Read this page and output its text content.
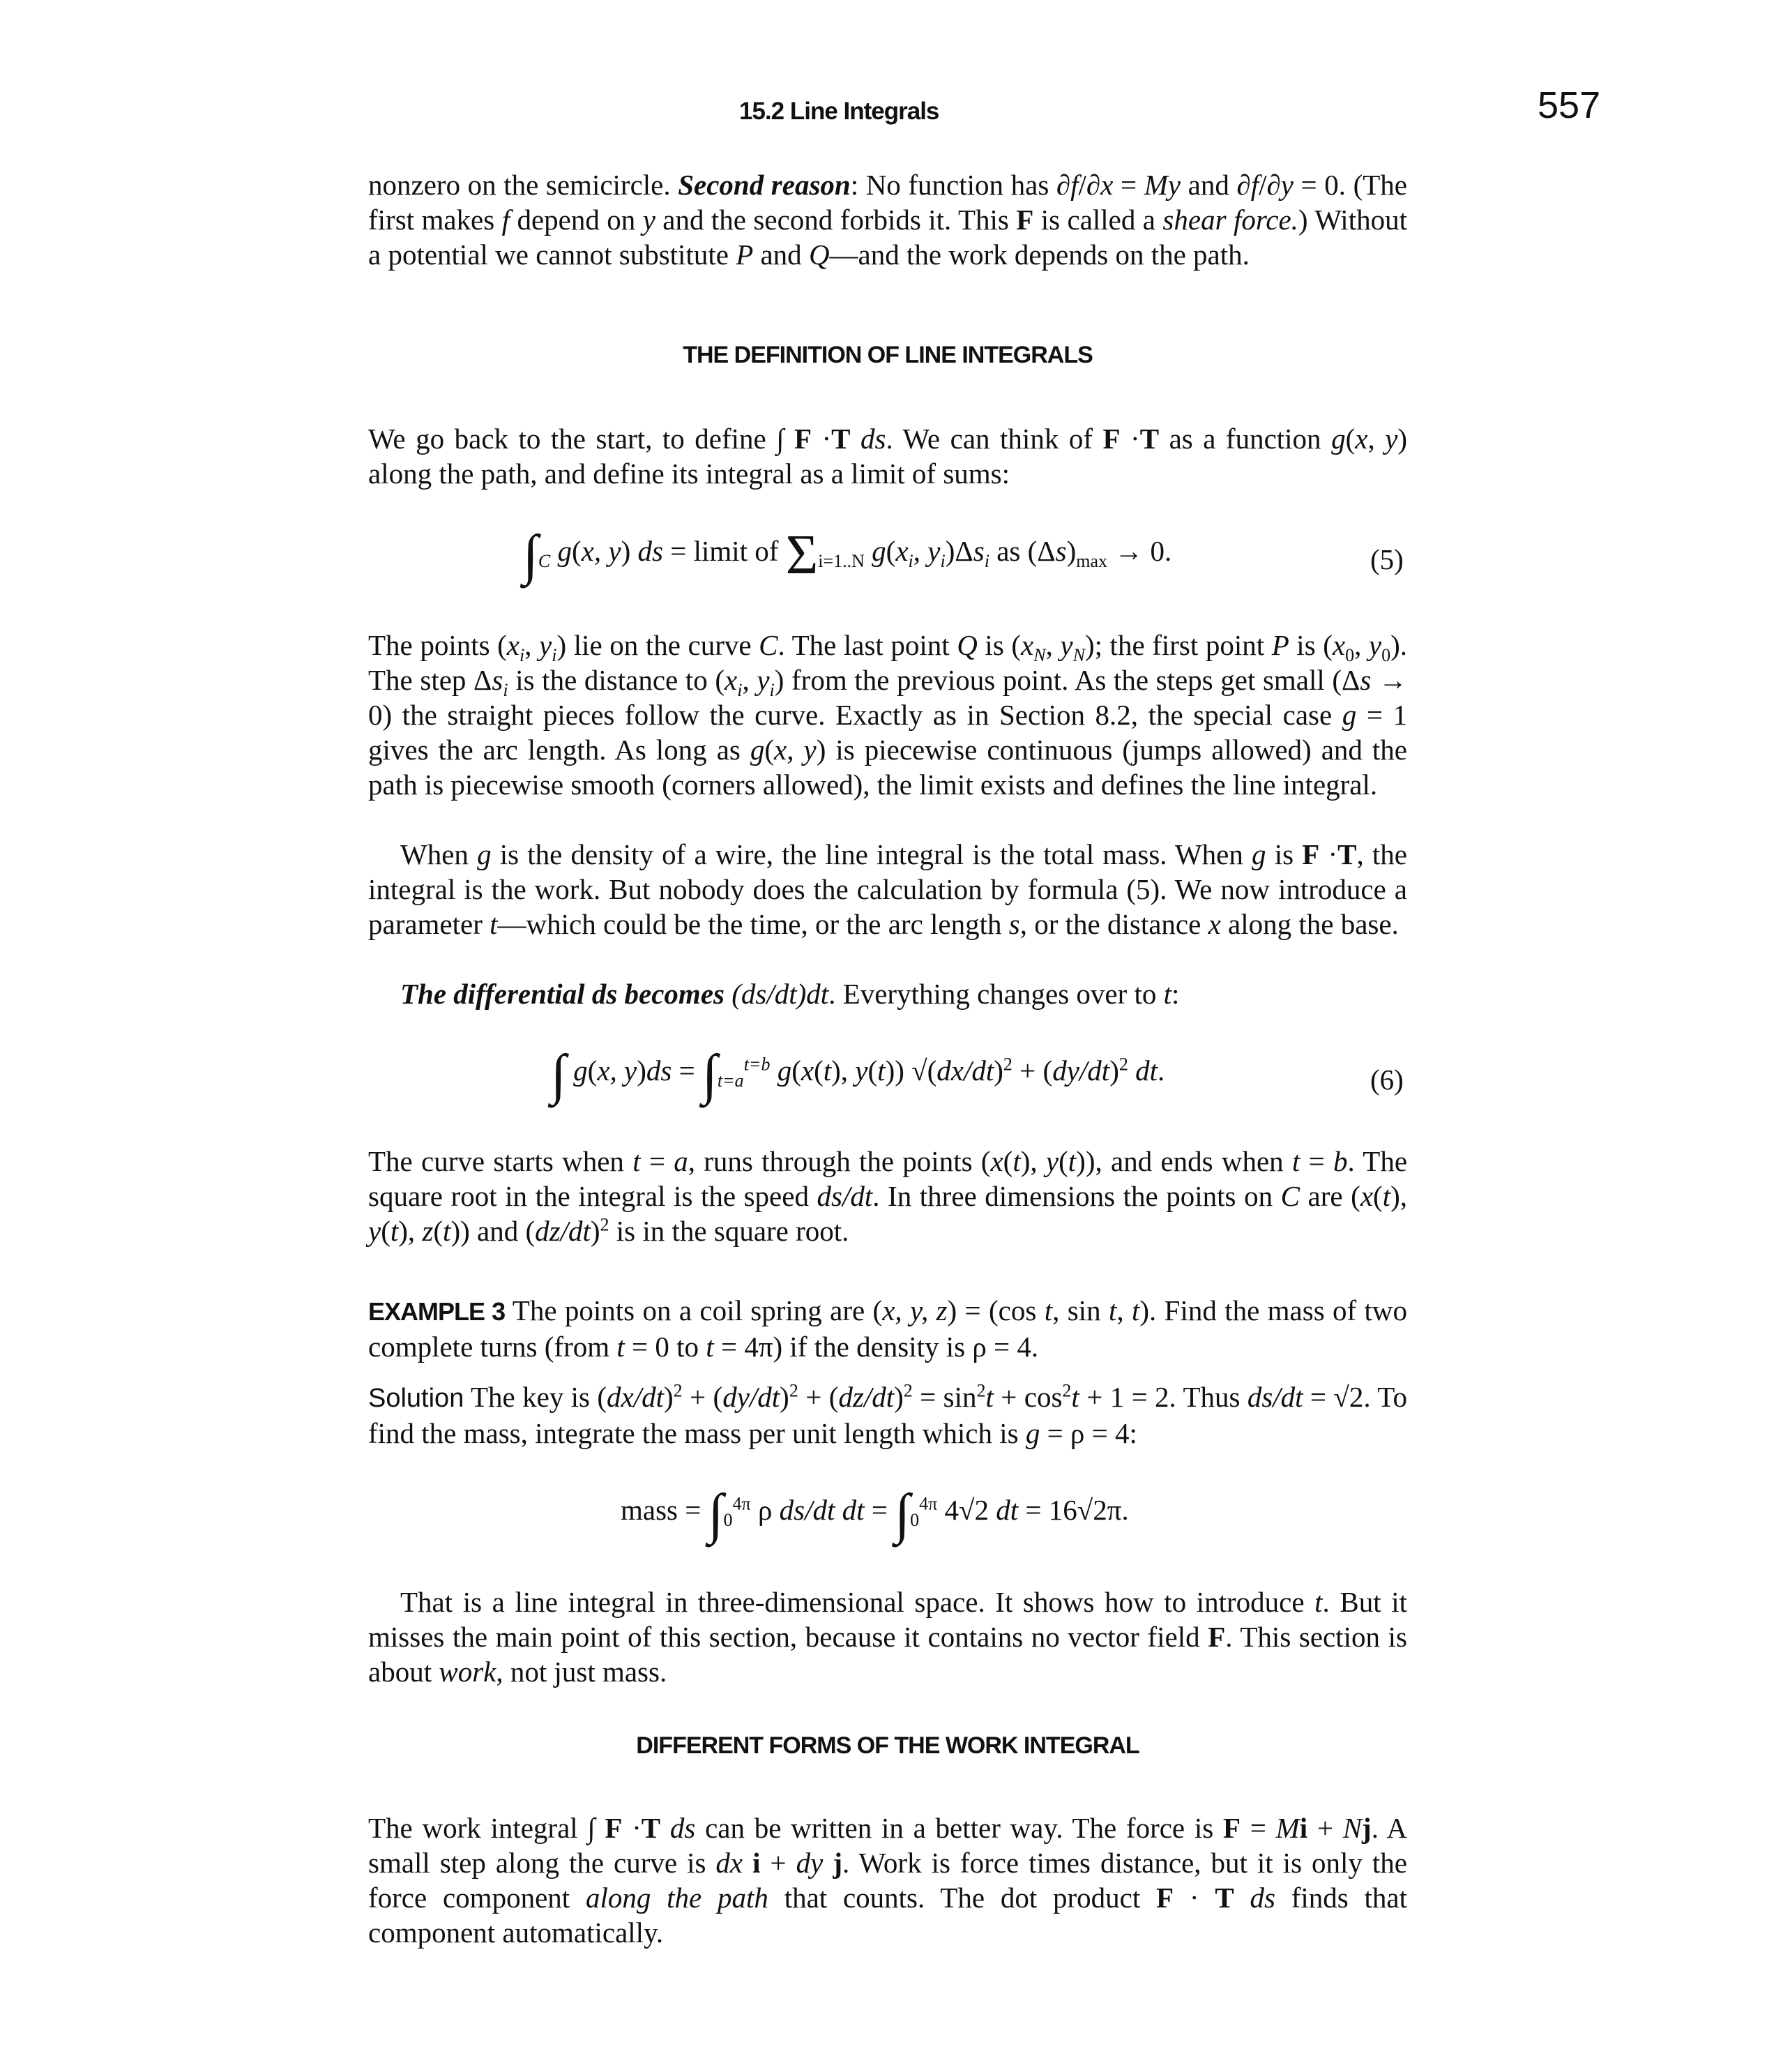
15.2 Line Integrals	557
nonzero on the semicircle. Second reason: No function has ∂f/∂x = My and ∂f/∂y = 0. (The first makes f depend on y and the second forbids it. This F is called a shear force.) Without a potential we cannot substitute P and Q—and the work depends on the path.
THE DEFINITION OF LINE INTEGRALS
We go back to the start, to define ∫ F ·T ds. We can think of F ·T as a function g(x, y) along the path, and define its integral as a limit of sums:
$\int_C$ g(x, y) ds = limit of $\Sigma_{i=1..N}$ $g(x_i$, $y_i)\Delta s_i$ as $(\Delta s)_{max} \to 0$.	(5)
The points ($x_i$, $y_i$) lie on the curve C. The last point Q is ($x_N$, $y_N$); the first point P is ($x_0$, $y_0$). The step $\Delta s_i$ is the distance to ($x_i$, $y_i$) from the previous point. As the steps get small (Δs → 0) the straight pieces follow the curve. Exactly as in Section 8.2, the special case g = 1 gives the arc length. As long as g(x, y) is piecewise continuous (jumps allowed) and the path is piecewise smooth (corners allowed), the limit exists and defines the line integral.
When g is the density of a wire, the line integral is the total mass. When g is F ·T, the integral is the work. But nobody does the calculation by formula (5). We now introduce a parameter t—which could be the time, or the arc length s, or the distance x along the base.
The differential ds becomes (ds/dt)dt. Everything changes over to t:
∫ g(x, $y)ds = \int_{t=a}^{t=b}$ g(x(t), y(t)) $√(dx/dt)^2 + (dy/dt)^2$ dt.	(6)
The curve starts when t = a, runs through the points (x(t), y(t)), and ends when t = b. The square root in the integral is the speed ds/dt. In three dimensions the points on C are (x(t), y(t), z(t)) and $(dz/dt)^2$ is in the square root.
EXAMPLE 3 The points on a coil spring are (x, y, z) = (cos t, sin t, t). Find the mass of two complete turns (from t = 0 to t = 4π) if the density is ρ = 4.
Solution The key is $(dx/dt)^2 + (dy/dt)^2 + (dz/dt)^2 = \sin^2t + \cos^2t + 1 = 2$. Thus ds/dt = √2. To find the mass, integrate the mass per unit length which is g = ρ = 4:
mass = $\int_0^{4\pi}$ ρ ds/dt dt = $\int_0^{4\pi}$ 4√2 dt = 16√2π.
That is a line integral in three-dimensional space. It shows how to introduce t. But it misses the main point of this section, because it contains no vector field F. This section is about work, not just mass.
DIFFERENT FORMS OF THE WORK INTEGRAL
The work integral ∫ F ·T ds can be written in a better way. The force is F = Mi + Nj. A small step along the curve is dx i + dy j. Work is force times distance, but it is only the force component along the path that counts. The dot product F · T ds finds that component automatically.
